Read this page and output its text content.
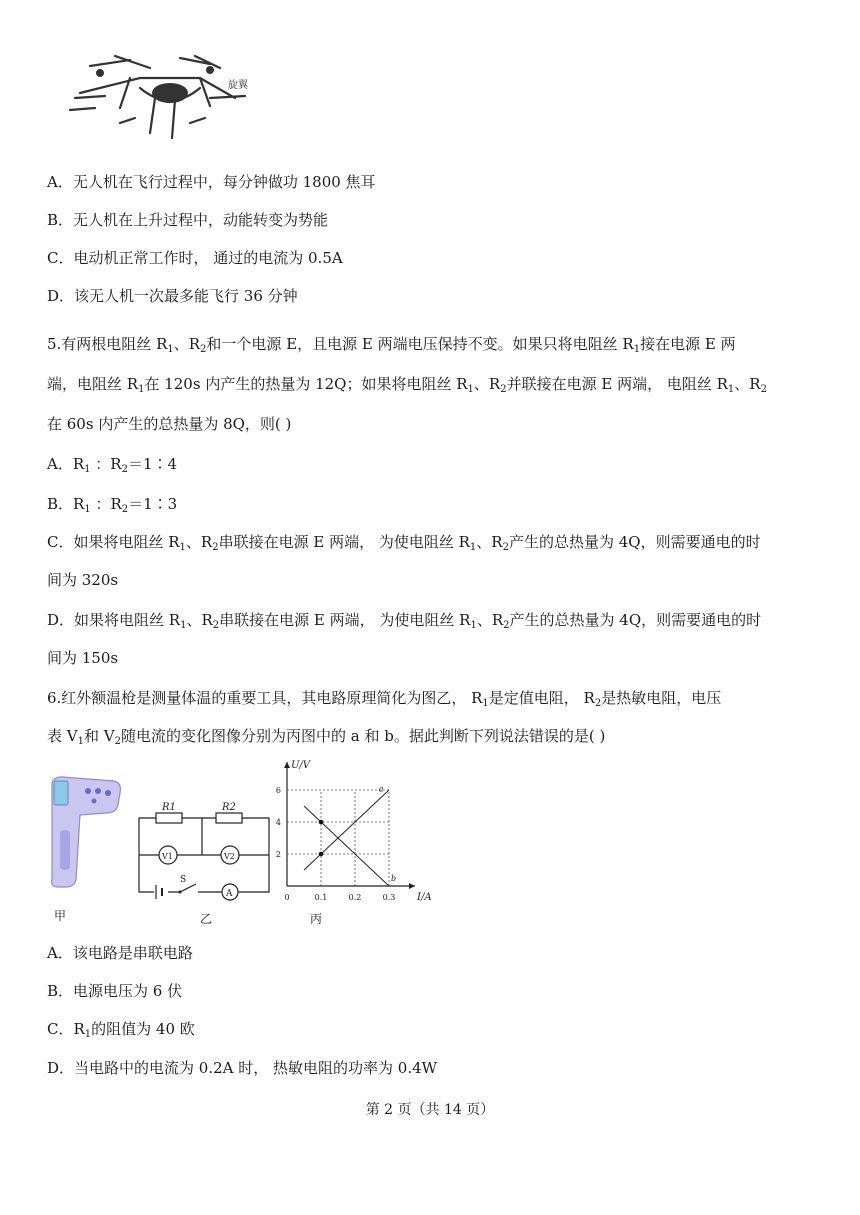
旋翼
A．无人机在飞行过程中，每分钟做功 1800 焦耳
B．无人机在上升过程中，动能转变为势能
C．电动机正常工作时， 通过的电流为 0.5A
D．该无人机一次最多能飞行 36 分钟
5.有两根电阻丝 $R_1$、$R_2$和一个电源 E，且电源 E 两端电压保持不变。如果只将电阻丝 $R_1$接在电源 E 两
端，电阻丝 $R_1$在 120s 内产生的热量为 12Q；如果将电阻丝 $R_1$、$R_2$并联接在电源 E 两端， 电阻丝 $R_1$、$R_2$
在 60s 内产生的总热量为 8Q，则( )
A．$R_1$ ：$R_2=1∶4$
B．$R_1$ ：$R_2=1∶3$
C．如果将电阻丝 $R_1$、$R_2$串联接在电源 E 两端， 为使电阻丝 $R_1$、$R_2$产生的总热量为 4Q，则需要通电的时
间为 320s
D．如果将电阻丝 $R_1$、$R_2$串联接在电源 E 两端， 为使电阻丝 $R_1$、$R_2$产生的总热量为 4Q，则需要通电的时
间为 150s
6.红外额温枪是测量体温的重要工具，其电路原理简化为图乙， $R_1$是定值电阻， $R_2$是热敏电阻，电压
表 $V_1$和 $V_2$随电流的变化图像分别为丙图中的 a 和 b。据此判断下列说法错误的是( )
甲
R1	R2
V1	V2
S
A
乙
0	0.1	0.2	0.3
2
4
6
I/A
U/V
a
b
丙
A．该电路是串联电路
B．电源电压为 6 伏
C．$R_1$的阻值为 40 欧
D．当电路中的电流为 0.2A 时， 热敏电阻的功率为 0.4W
第 2 页（共 14 页）
